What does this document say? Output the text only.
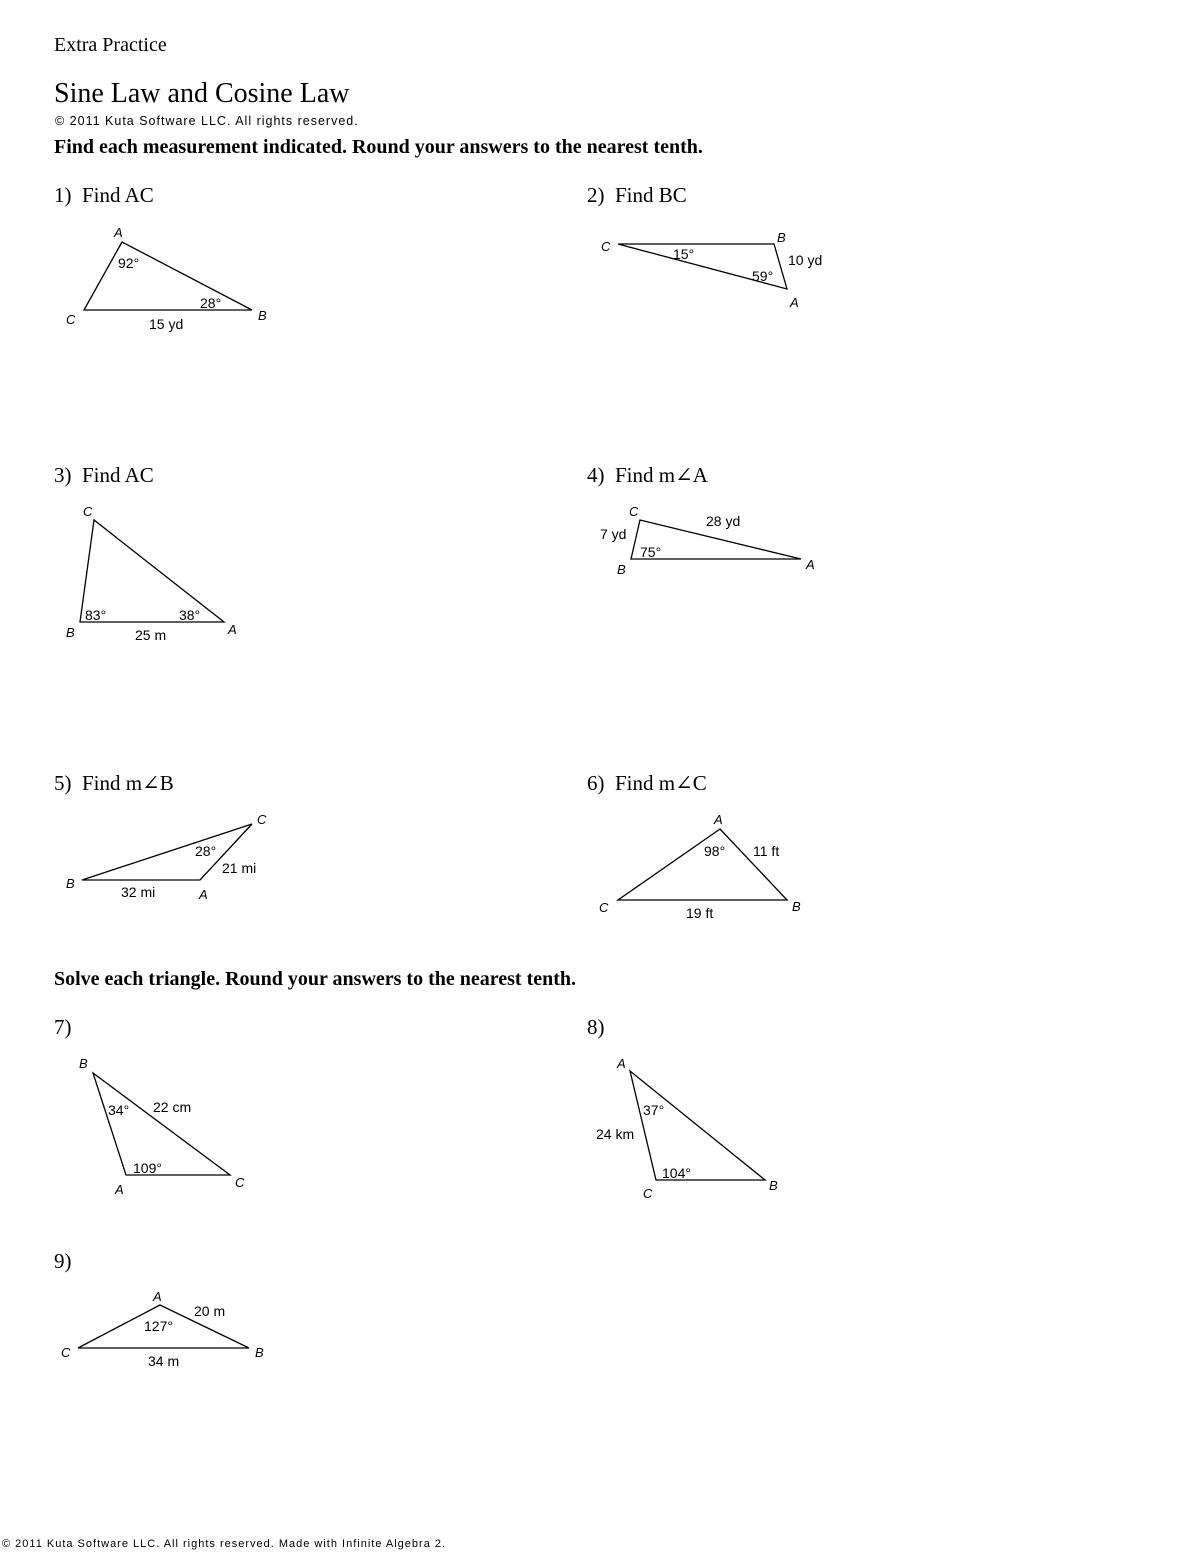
Extra Practice
Sine Law and Cosine Law
© 2011 Kuta Software LLC. All rights reserved.
Find each measurement indicated. Round your answers to the nearest tenth.
Solve each triangle. Round your answers to the nearest tenth.
1) Find AC	2) Find BC
3) Find AC	4) Find m∠A
5) Find m∠B	6) Find m∠C
7)	8)
9)
A
B
C
92°
28°
15 yd
C
B
A
15°
59°
10 yd
C
B	A
83°	38°
25 m
C
B	A
75°
7 yd
28 yd
C
B
A
28°
21 mi
32 mi
A
C	B
98° 11 ft
19 ft
B
A	C
34° 22 cm
109°
A
C
B
37°
24 km
104°
A
C	B
20 m
127°
34 m
© 2011 Kuta Software LLC. All rights reserved. Made with Infinite Algebra 2.
